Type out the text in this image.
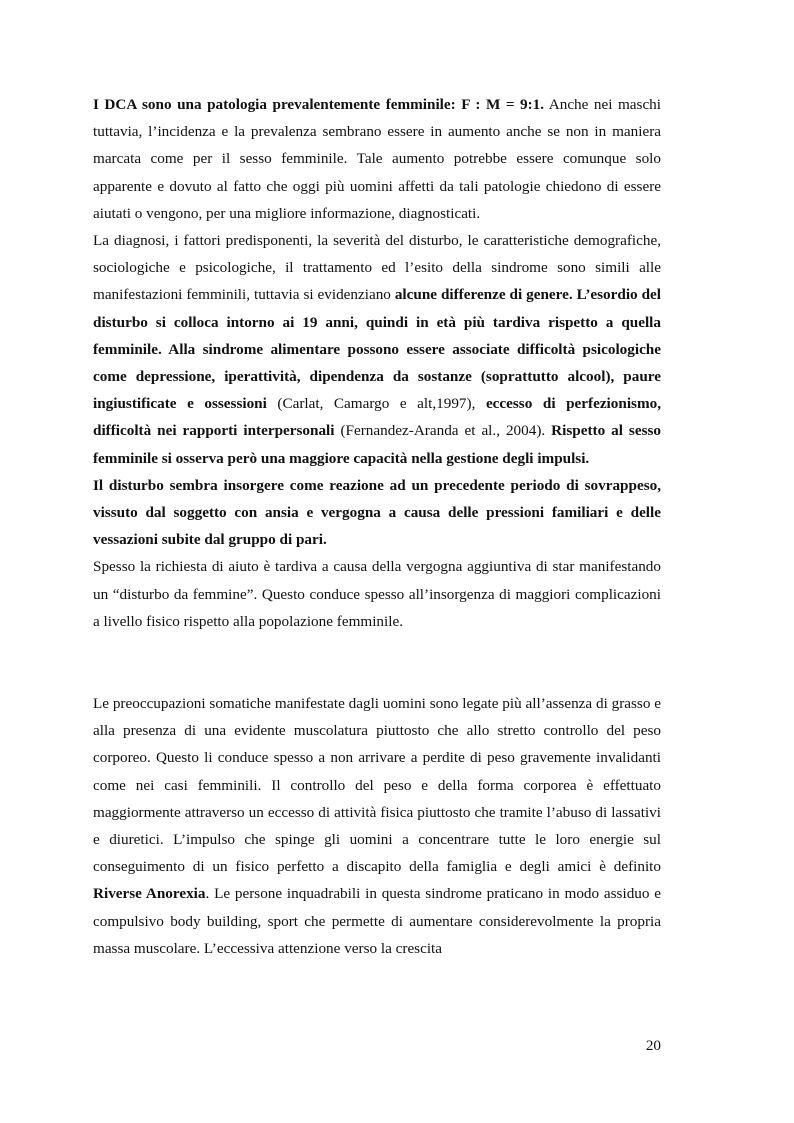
I DCA sono una patologia prevalentemente femminile: F : M = 9:1. Anche nei maschi tuttavia, l’incidenza e la prevalenza sembrano essere in aumento anche se non in maniera marcata come per il sesso femminile. Tale aumento potrebbe essere comunque solo apparente e dovuto al fatto che oggi più uomini affetti da tali patologie chiedono di essere aiutati o vengono, per una migliore informazione, diagnosticati.

La diagnosi, i fattori predisponenti, la severità del disturbo, le caratteristiche demografiche, sociologiche e psicologiche, il trattamento ed l’esito della sindrome sono simili alle manifestazioni femminili, tuttavia si evidenziano alcune differenze di genere. L’esordio del disturbo si colloca intorno ai 19 anni, quindi in età più tardiva rispetto a quella femminile. Alla sindrome alimentare possono essere associate difficoltà psicologiche come depressione, iperattività, dipendenza da sostanze (soprattutto alcool), paure ingiustificate e ossessioni (Carlat, Camargo e alt,1997), eccesso di perfezionismo, difficoltà nei rapporti interpersonali (Fernandez-Aranda et al., 2004). Rispetto al sesso femminile si osserva però una maggiore capacità nella gestione degli impulsi.

Il disturbo sembra insorgere come reazione ad un precedente periodo di sovrappeso, vissuto dal soggetto con ansia e vergogna a causa delle pressioni familiari e delle vessazioni subite dal gruppo di pari.

Spesso la richiesta di aiuto è tardiva a causa della vergogna aggiuntiva di star manifestando un “disturbo da femmine”. Questo conduce spesso all’insorgenza di maggiori complicazioni a livello fisico rispetto alla popolazione femminile.

Le preoccupazioni somatiche manifestate dagli uomini sono legate più all’assenza di grasso e alla presenza di una evidente muscolatura piuttosto che allo stretto controllo del peso corporeo. Questo li conduce spesso a non arrivare a perdite di peso gravemente invalidanti come nei casi femminili. Il controllo del peso e della forma corporea è effettuato maggiormente attraverso un eccesso di attività fisica piuttosto che tramite l’abuso di lassativi e diuretici. L’impulso che spinge gli uomini a concentrare tutte le loro energie sul conseguimento di un fisico perfetto a discapito della famiglia e degli amici è definito Riverse Anorexia. Le persone inquadrabili in questa sindrome praticano in modo assiduo e compulsivo body building, sport che permette di aumentare considerevolmente la propria massa muscolare. L’eccessiva attenzione verso la crescita

20
